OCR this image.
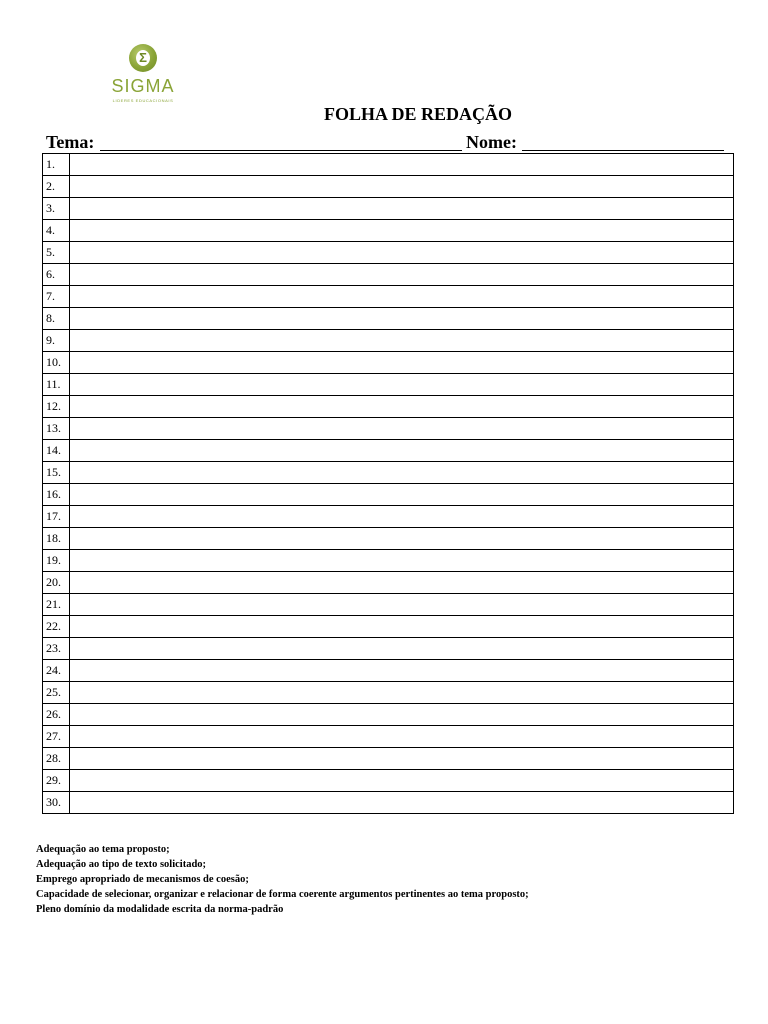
Σ
SIGMA
LIDERES EDUCACIONAIS
FOLHA DE REDAÇÃO
Tema:	Nome:
1.
2.
3.
4.
5.
6.
7.
8.
9.
10.
11.
12.
13.
14.
15.
16.
17.
18.
19.
20.
21.
22.
23.
24.
25.
26.
27.
28.
29.
30.
Adequação ao tema proposto;
Adequação ao tipo de texto solicitado;
Emprego apropriado de mecanismos de coesão;
Capacidade de selecionar, organizar e relacionar de forma coerente argumentos pertinentes ao tema proposto;
Pleno domínio da modalidade escrita da norma-padrão
